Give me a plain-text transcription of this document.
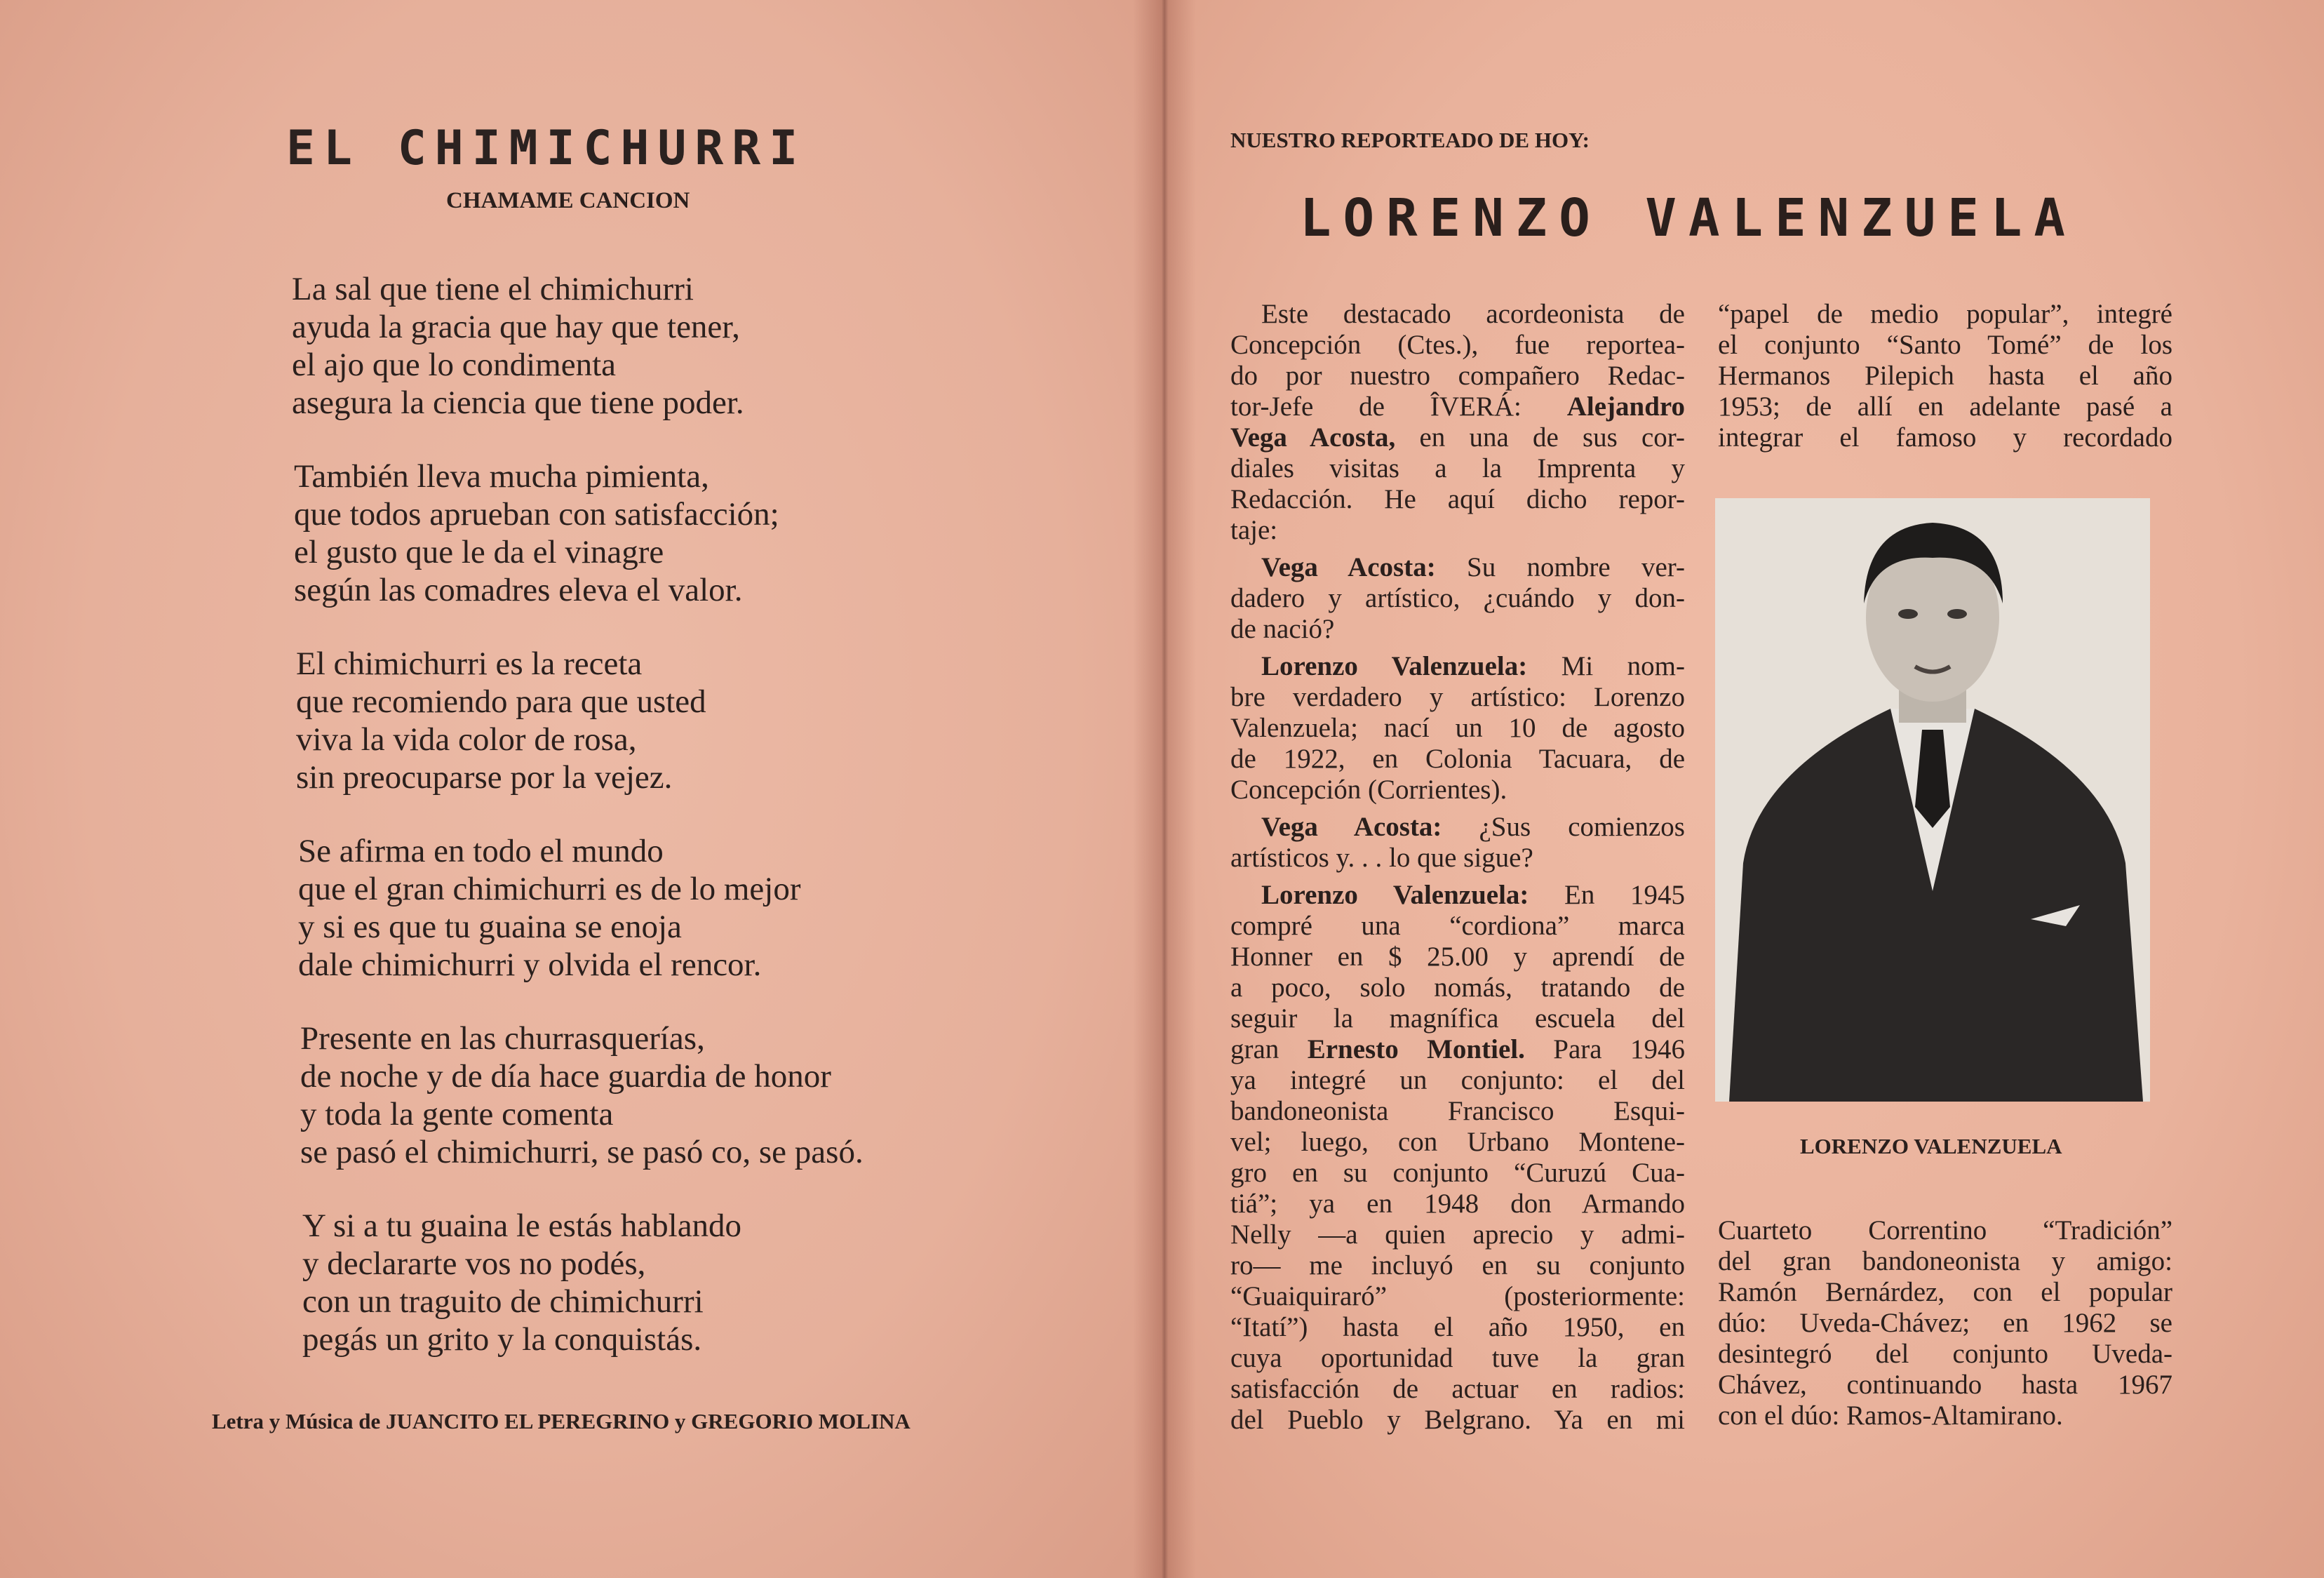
EL CHIMICHURRI
CHAMAME CANCION
La sal que tiene el chimichurri
ayuda la gracia que hay que tener,
el ajo que lo condimenta
asegura la ciencia que tiene poder.
También lleva mucha pimienta,
que todos aprueban con satisfacción;
el gusto que le da el vinagre
según las comadres eleva el valor.
El chimichurri es la receta
que recomiendo para que usted
viva la vida color de rosa,
sin preocuparse por la vejez.
Se afirma en todo el mundo
que el gran chimichurri es de lo mejor
y si es que tu guaina se enoja
dale chimichurri y olvida el rencor.
Presente en las churrasquerías,
de noche y de día hace guardia de honor
y toda la gente comenta
se pasó el chimichurri, se pasó co, se pasó.
Y si a tu guaina le estás hablando
y declararte vos no podés,
con un traguito de chimichurri
pegás un grito y la conquistás.
Letra y Música de JUANCITO EL PEREGRINO y GREGORIO MOLINA
NUESTRO REPORTEADO DE HOY:
LORENZO VALENZUELA
Este destacado acordeonista de
Concepción (Ctes.), fue reportea-
do por nuestro compañero Redac-
tor-Jefe de ÎVERÁ: Alejandro
Vega Acosta, en una de sus cor-
diales visitas a la Imprenta y
Redacción. He aquí dicho repor-
taje:
Vega Acosta: Su nombre ver-
dadero y artístico, ¿cuándo y don-
de nació?
Lorenzo Valenzuela: Mi nom-
bre verdadero y artístico: Lorenzo
Valenzuela; nací un 10 de agosto
de 1922, en Colonia Tacuara, de
Concepción (Corrientes).
Vega Acosta: ¿Sus comienzos
artísticos y. . . lo que sigue?
Lorenzo Valenzuela: En 1945
compré una “cordiona” marca
Honner en $ 25.00 y aprendí de
a poco, solo nomás, tratando de
seguir la magnífica escuela del
gran Ernesto Montiel. Para 1946
ya integré un conjunto: el del
bandoneonista Francisco Esqui-
vel; luego, con Urbano Montene-
gro en su conjunto “Curuzú Cua-
tiá”; ya en 1948 don Armando
Nelly —a quien aprecio y admi-
ro— me incluyó en su conjunto
“Guaiquiraró” (posteriormente:
“Itatí”) hasta el año 1950, en
cuya oportunidad tuve la gran
satisfacción de actuar en radios:
del Pueblo y Belgrano. Ya en mi
“papel de medio popular”, integré
el conjunto “Santo Tomé” de los
Hermanos Pilepich hasta el año
1953; de allí en adelante pasé a
integrar el famoso y recordado
Cuarteto Correntino “Tradición”
del gran bandoneonista y amigo:
Ramón Bernárdez, con el popular
dúo: Uveda-Chávez; en 1962 se
desintegró del conjunto Uveda-
Chávez, continuando hasta 1967
con el dúo: Ramos-Altamirano.
LORENZO VALENZUELA
